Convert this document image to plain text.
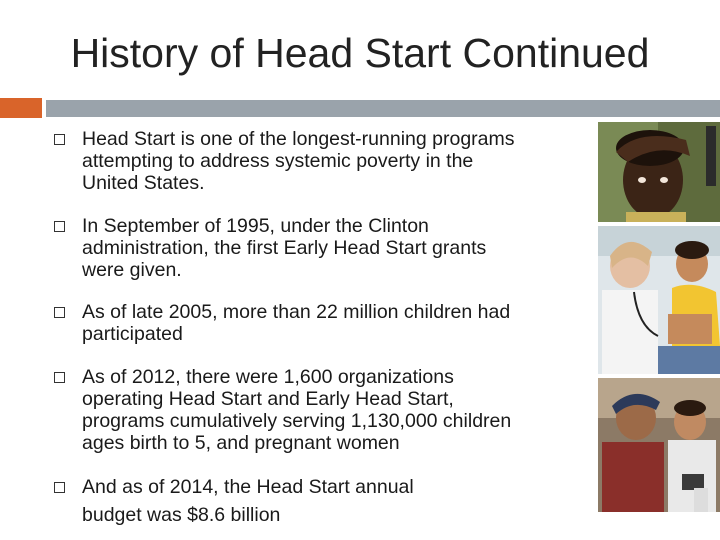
History of Head Start Continued
Head Start is one of the longest-running programs
attempting to address systemic poverty in the
United States.
In September of 1995, under the Clinton
administration, the first Early Head Start grants
were given.
As of late 2005, more than 22 million children had
participated
As of 2012, there were 1,600 organizations
operating Head Start and Early Head Start,
programs cumulatively serving 1,130,000 children
ages birth to 5, and pregnant women
And as of 2014, the Head Start annual
budget was $8.6 billion
